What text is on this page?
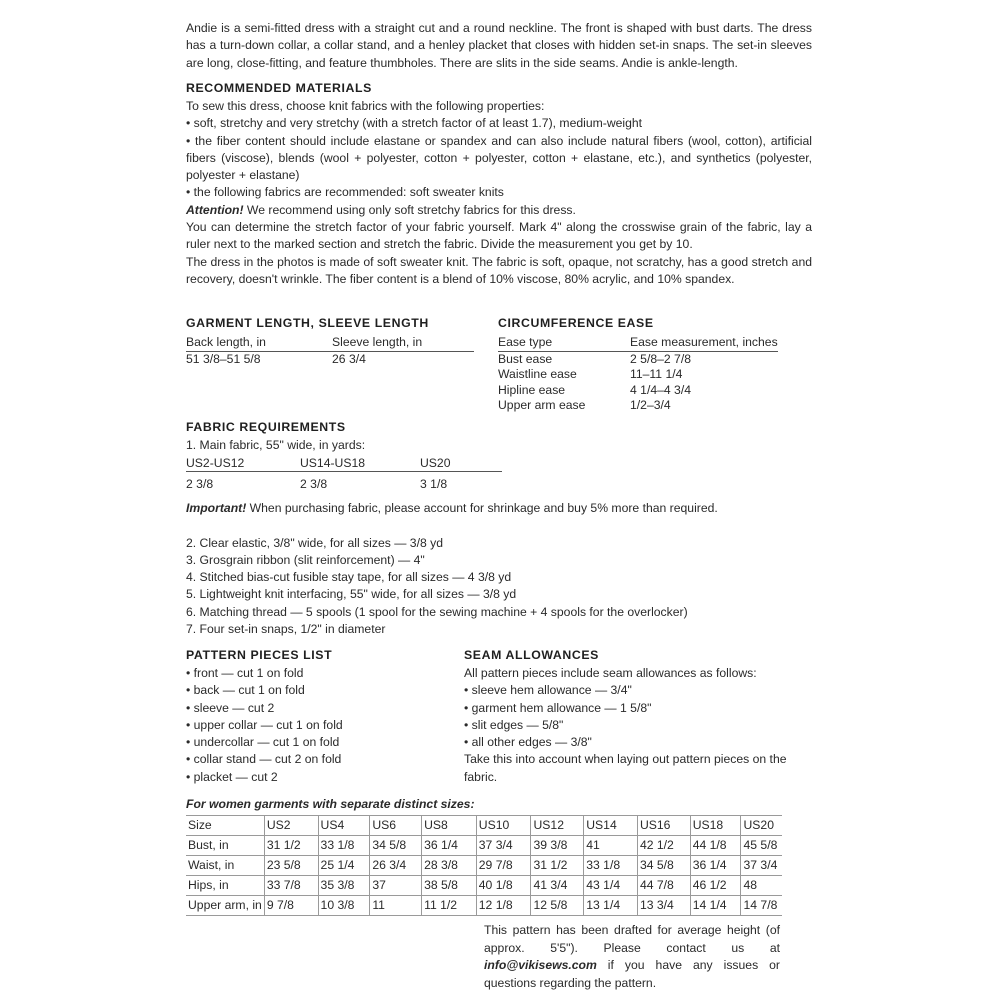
Andie is a semi-fitted dress with a straight cut and a round neckline. The front is shaped with bust darts. The dress has a turn-down collar, a collar stand, and a henley placket that closes with hidden set-in snaps. The set-in sleeves are long, close-fitting, and feature thumbholes. There are slits in the side seams. Andie is ankle-length.

RECOMMENDED MATERIALS

To sew this dress, choose knit fabrics with the following properties:

• soft, stretchy and very stretchy (with a stretch factor of at least 1.7), medium-weight

• the fiber content should include elastane or spandex and can also include natural fibers (wool, cotton), artificial fibers (viscose), blends (wool + polyester, cotton + polyester, cotton + elastane, etc.), and synthetics (polyester, polyester + elastane)

• the following fabrics are recommended: soft sweater knits

Attention! We recommend using only soft stretchy fabrics for this dress.

You can determine the stretch factor of your fabric yourself. Mark 4" along the crosswise grain of the fabric, lay a ruler next to the marked section and stretch the fabric. Divide the measurement you get by 10.

The dress in the photos is made of soft sweater knit. The fabric is soft, opaque, not scratchy, has a good stretch and recovery, doesn't wrinkle. The fiber content is a blend of 10% viscose, 80% acrylic, and 10% spandex.

GARMENT LENGTH, SLEEVE LENGTH
Back length, in	Sleeve length, in
51 3/8–51 5/8	26 3/4
CIRCUMFERENCE EASE
Ease type	Ease measurement, inches
Bust ease	2 5/8–2 7/8
Waistline ease	11–11 1/4
Hipline ease	4 1/4–4 3/4
Upper arm ease	1/2–3/4
FABRIC REQUIREMENTS

1. Main fabric, 55" wide, in yards:

US2-US12	US14-US18	US20
2 3/8	2 3/8	3 1/8

Important! When purchasing fabric, please account for shrinkage and buy 5% more than required.

2. Clear elastic, 3/8" wide, for all sizes — 3/8 yd

3. Grosgrain ribbon (slit reinforcement) — 4"

4. Stitched bias-cut fusible stay tape, for all sizes — 4 3/8 yd

5. Lightweight knit interfacing, 55" wide, for all sizes — 3/8 yd

6. Matching thread — 5 spools (1 spool for the sewing machine + 4 spools for the overlocker)

7. Four set-in snaps, 1/2" in diameter

PATTERN PIECES LIST

• front — cut 1 on fold

• back — cut 1 on fold

• sleeve — cut 2

• upper collar — cut 1 on fold

• undercollar — cut 1 on fold

• collar stand — cut 2 on fold

• placket — cut 2

SEAM ALLOWANCES

All pattern pieces include seam allowances as follows:

• sleeve hem allowance — 3/4"

• garment hem allowance — 1 5/8"

• slit edges — 5/8"

• all other edges — 3/8"

Take this into account when laying out pattern pieces on the fabric.

For women garments with separate distinct sizes:

Size	US2	US4	US6	US8	US10	US12	US14	US16	US18	US20
Bust, in	31 1/2	33 1/8	34 5/8	36 1/4	37 3/4	39 3/8	41	42 1/2	44 1/8	45 5/8
Waist, in	23 5/8	25 1/4	26 3/4	28 3/8	29 7/8	31 1/2	33 1/8	34 5/8	36 1/4	37 3/4
Hips, in	33 7/8	35 3/8	37	38 5/8	40 1/8	41 3/4	43 1/4	44 7/8	46 1/2	48
Upper arm, in	9 7/8	10 3/8	11	11 1/2	12 1/8	12 5/8	13 1/4	13 3/4	14 1/4	14 7/8

This pattern has been drafted for average height (of approx. 5'5"). Please contact us at info@vikisews.com if you have any issues or questions regarding the pattern.
